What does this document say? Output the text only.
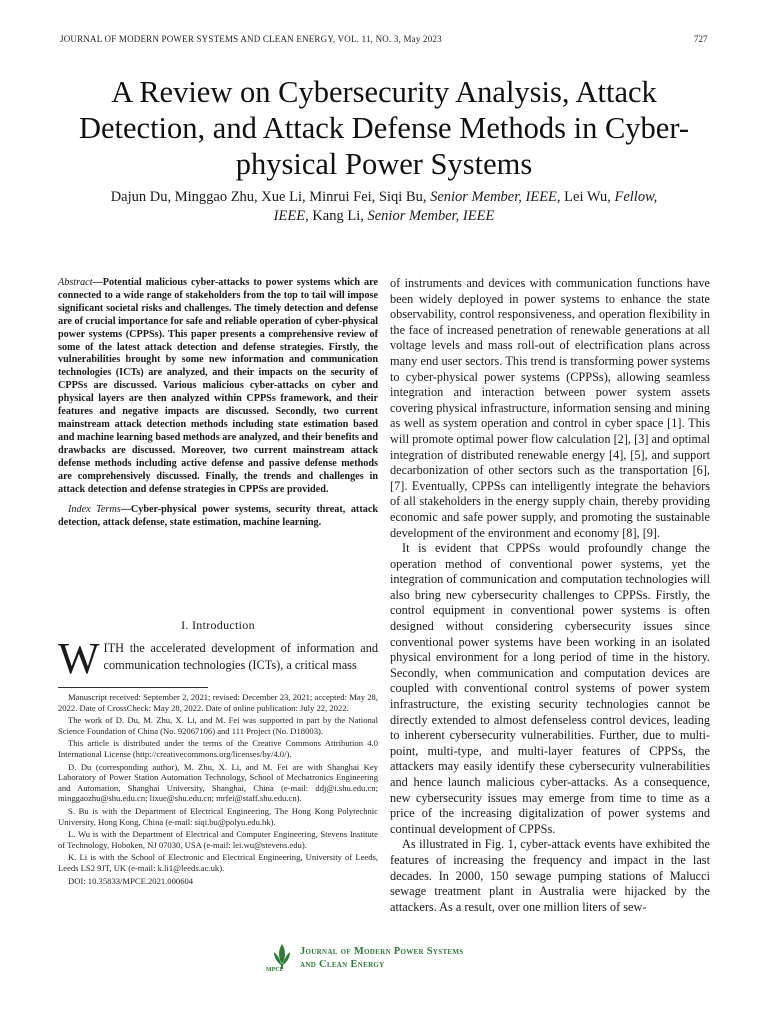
JOURNAL OF MODERN POWER SYSTEMS AND CLEAN ENERGY, VOL. 11, NO. 3, May 2023	727
A Review on Cybersecurity Analysis, Attack Detection, and Attack Defense Methods in Cyber-physical Power Systems
Dajun Du, Minggao Zhu, Xue Li, Minrui Fei, Siqi Bu, Senior Member, IEEE, Lei Wu, Fellow,
IEEE, Kang Li, Senior Member, IEEE

Abstract—Potential malicious cyber-attacks to power systems which are connected to a wide range of stakeholders from the top to tail will impose significant societal risks and challenges. The timely detection and defense are of crucial importance for safe and reliable operation of cyber-physical power systems (CPPSs). This paper presents a comprehensive review of some of the latest attack detection and defense strategies. Firstly, the vulnerabilities brought by some new information and communication technologies (ICTs) are analyzed, and their impacts on the security of CPPSs are discussed. Various malicious cyber-attacks on cyber and physical layers are then analyzed within CPPSs framework, and their features and negative impacts are discussed. Secondly, two current mainstream attack detection methods including state estimation based and machine learning based methods are analyzed, and their benefits and drawbacks are discussed. Moreover, two current mainstream attack defense methods including active defense and passive defense methods are comprehensively discussed. Finally, the trends and challenges in attack detection and defense strategies in CPPSs are provided.

Index Terms—Cyber-physical power systems, security threat, attack detection, attack defense, state estimation, machine learning.

I. Introduction
WITH the accelerated development of information and communication technologies (ICTs), a critical mass

Manuscript received: September 2, 2021; revised: December 23, 2021; accepted: May 28, 2022. Date of CrossCheck: May 28, 2022. Date of online publication: July 22, 2022.

The work of D. Du, M. Zhu, X. Li, and M. Fei was supported in part by the National Science Foundation of China (No. 92067106) and 111 Project (No. D18003).

This article is distributed under the terms of the Creative Commons Attribution 4.0 International License (http://creativecommons.org/licenses/by/4.0/).

D. Du (corresponding author), M. Zhu, X. Li, and M. Fei are with Shanghai Key Laboratory of Power Station Automation Technology, School of Mechatronics Engineering and Automation, Shanghai University, Shanghai, China (e-mail: ddj@i.shu.edu.cn; minggaozhu@shu.edu.cn; lixue@shu.edu.cn; mrfei@staff.shu.edu.cn).

S. Bu is with the Department of Electrical Engineering, The Hong Kong Polytechnic University, Hong Kong, China (e-mail: siqi.bu@polyu.edu.hk).

L. Wu is with the Department of Electrical and Computer Engineering, Stevens Institute of Technology, Hoboken, NJ 07030, USA (e-mail: lei.wu@stevens.edu).

K. Li is with the School of Electronic and Electrical Engineering, University of Leeds, Leeds LS2 9JT, UK (e-mail: k.li1@leeds.ac.uk).

DOI: 10.35833/MPCE.2021.000604

of instruments and devices with communication functions have been widely deployed in power systems to enhance the state observability, control responsiveness, and operation flexibility in the face of increased penetration of renewable generations at all voltage levels and mass roll-out of electrification plans across many end user sectors. This trend is transforming power systems to cyber-physical power systems (CPPSs), allowing seamless integration and interaction between power system assets covering physical infrastructure, information sensing and mining as well as system operation and control in cyber space [1]. This will promote optimal power flow calculation [2], [3] and optimal integration of distributed renewable energy [4], [5], and support decarbonization of other sectors such as the transportation [6], [7]. Eventually, CPPSs can intelligently integrate the behaviors of all stakeholders in the energy supply chain, thereby providing economic and safe power supply, and promoting the sustainable development of the environment and economy [8], [9].

It is evident that CPPSs would profoundly change the operation method of conventional power systems, yet the integration of communication and computation technologies will also bring new cybersecurity challenges to CPPSs. Firstly, the control equipment in conventional power systems is often designed without considering cybersecurity issues since conventional power systems have been working in an isolated physical environment for a long period of time in the history. Secondly, when communication and computation devices are coupled with conventional control systems of power system infrastructure, the existing security technologies cannot be directly extended to almost defenseless control devices, leading to inherent cybersecurity vulnerabilities. Further, due to multi-point, multi-type, and multi-layer features of CPPSs, the attackers may easily identify these cybersecurity vulnerabilities and hence launch malicious cyber-attacks. As a consequence, new cybersecurity issues may emerge from time to time as a price of the increasing digitalization of power systems and continual development of CPPSs.

As illustrated in Fig. 1, cyber-attack events have exhibited the features of increasing the frequency and impact in the last decades. In 2000, 150 sewage pumping stations of Malucci sewage treatment plant in Australia were hijacked by the attackers. As a result, over one million liters of sew-

Journal of Modern Power Systems
and Clean Energy
MPCE
